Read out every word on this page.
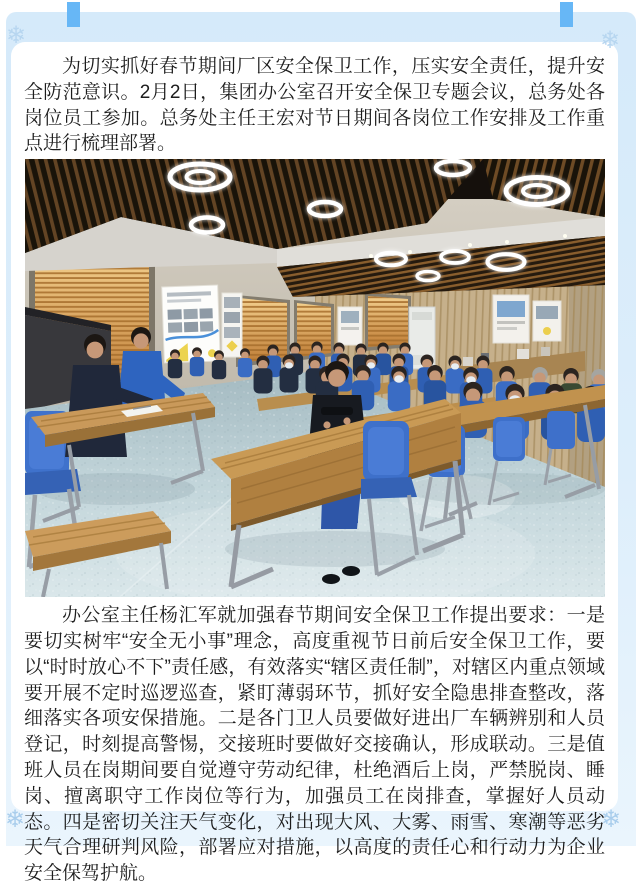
❄	❄
❄	❄

为切实抓好春节期间厂区安全保卫工作，压实安全责任，提升安全防范意识。2月2日，集团办公室召开安全保卫专题会议，总务处各岗位员工参加。总务处主任王宏对节日期间各岗位工作安排及工作重点进行梳理部署。

办公室主任杨汇军就加强春节期间安全保卫工作提出要求：一是要切实树牢“安全无小事”理念，高度重视节日前后安全保卫工作，要以“时时放心不下”责任感，有效落实“辖区责任制”，对辖区内重点领域要开展不定时巡逻巡查，紧盯薄弱环节，抓好安全隐患排查整改，落细落实各项安保措施。二是各门卫人员要做好进出厂车辆辨别和人员登记，时刻提高警惕，交接班时要做好交接确认，形成联动。三是值班人员在岗期间要自觉遵守劳动纪律，杜绝酒后上岗，严禁脱岗、睡岗、擅离职守工作岗位等行为，加强员工在岗排查，掌握好人员动态。四是密切关注天气变化，对出现大风、大雾、雨雪、寒潮等恶劣天气合理研判风险，部署应对措施，以高度的责任心和行动力为企业安全保驾护航。
